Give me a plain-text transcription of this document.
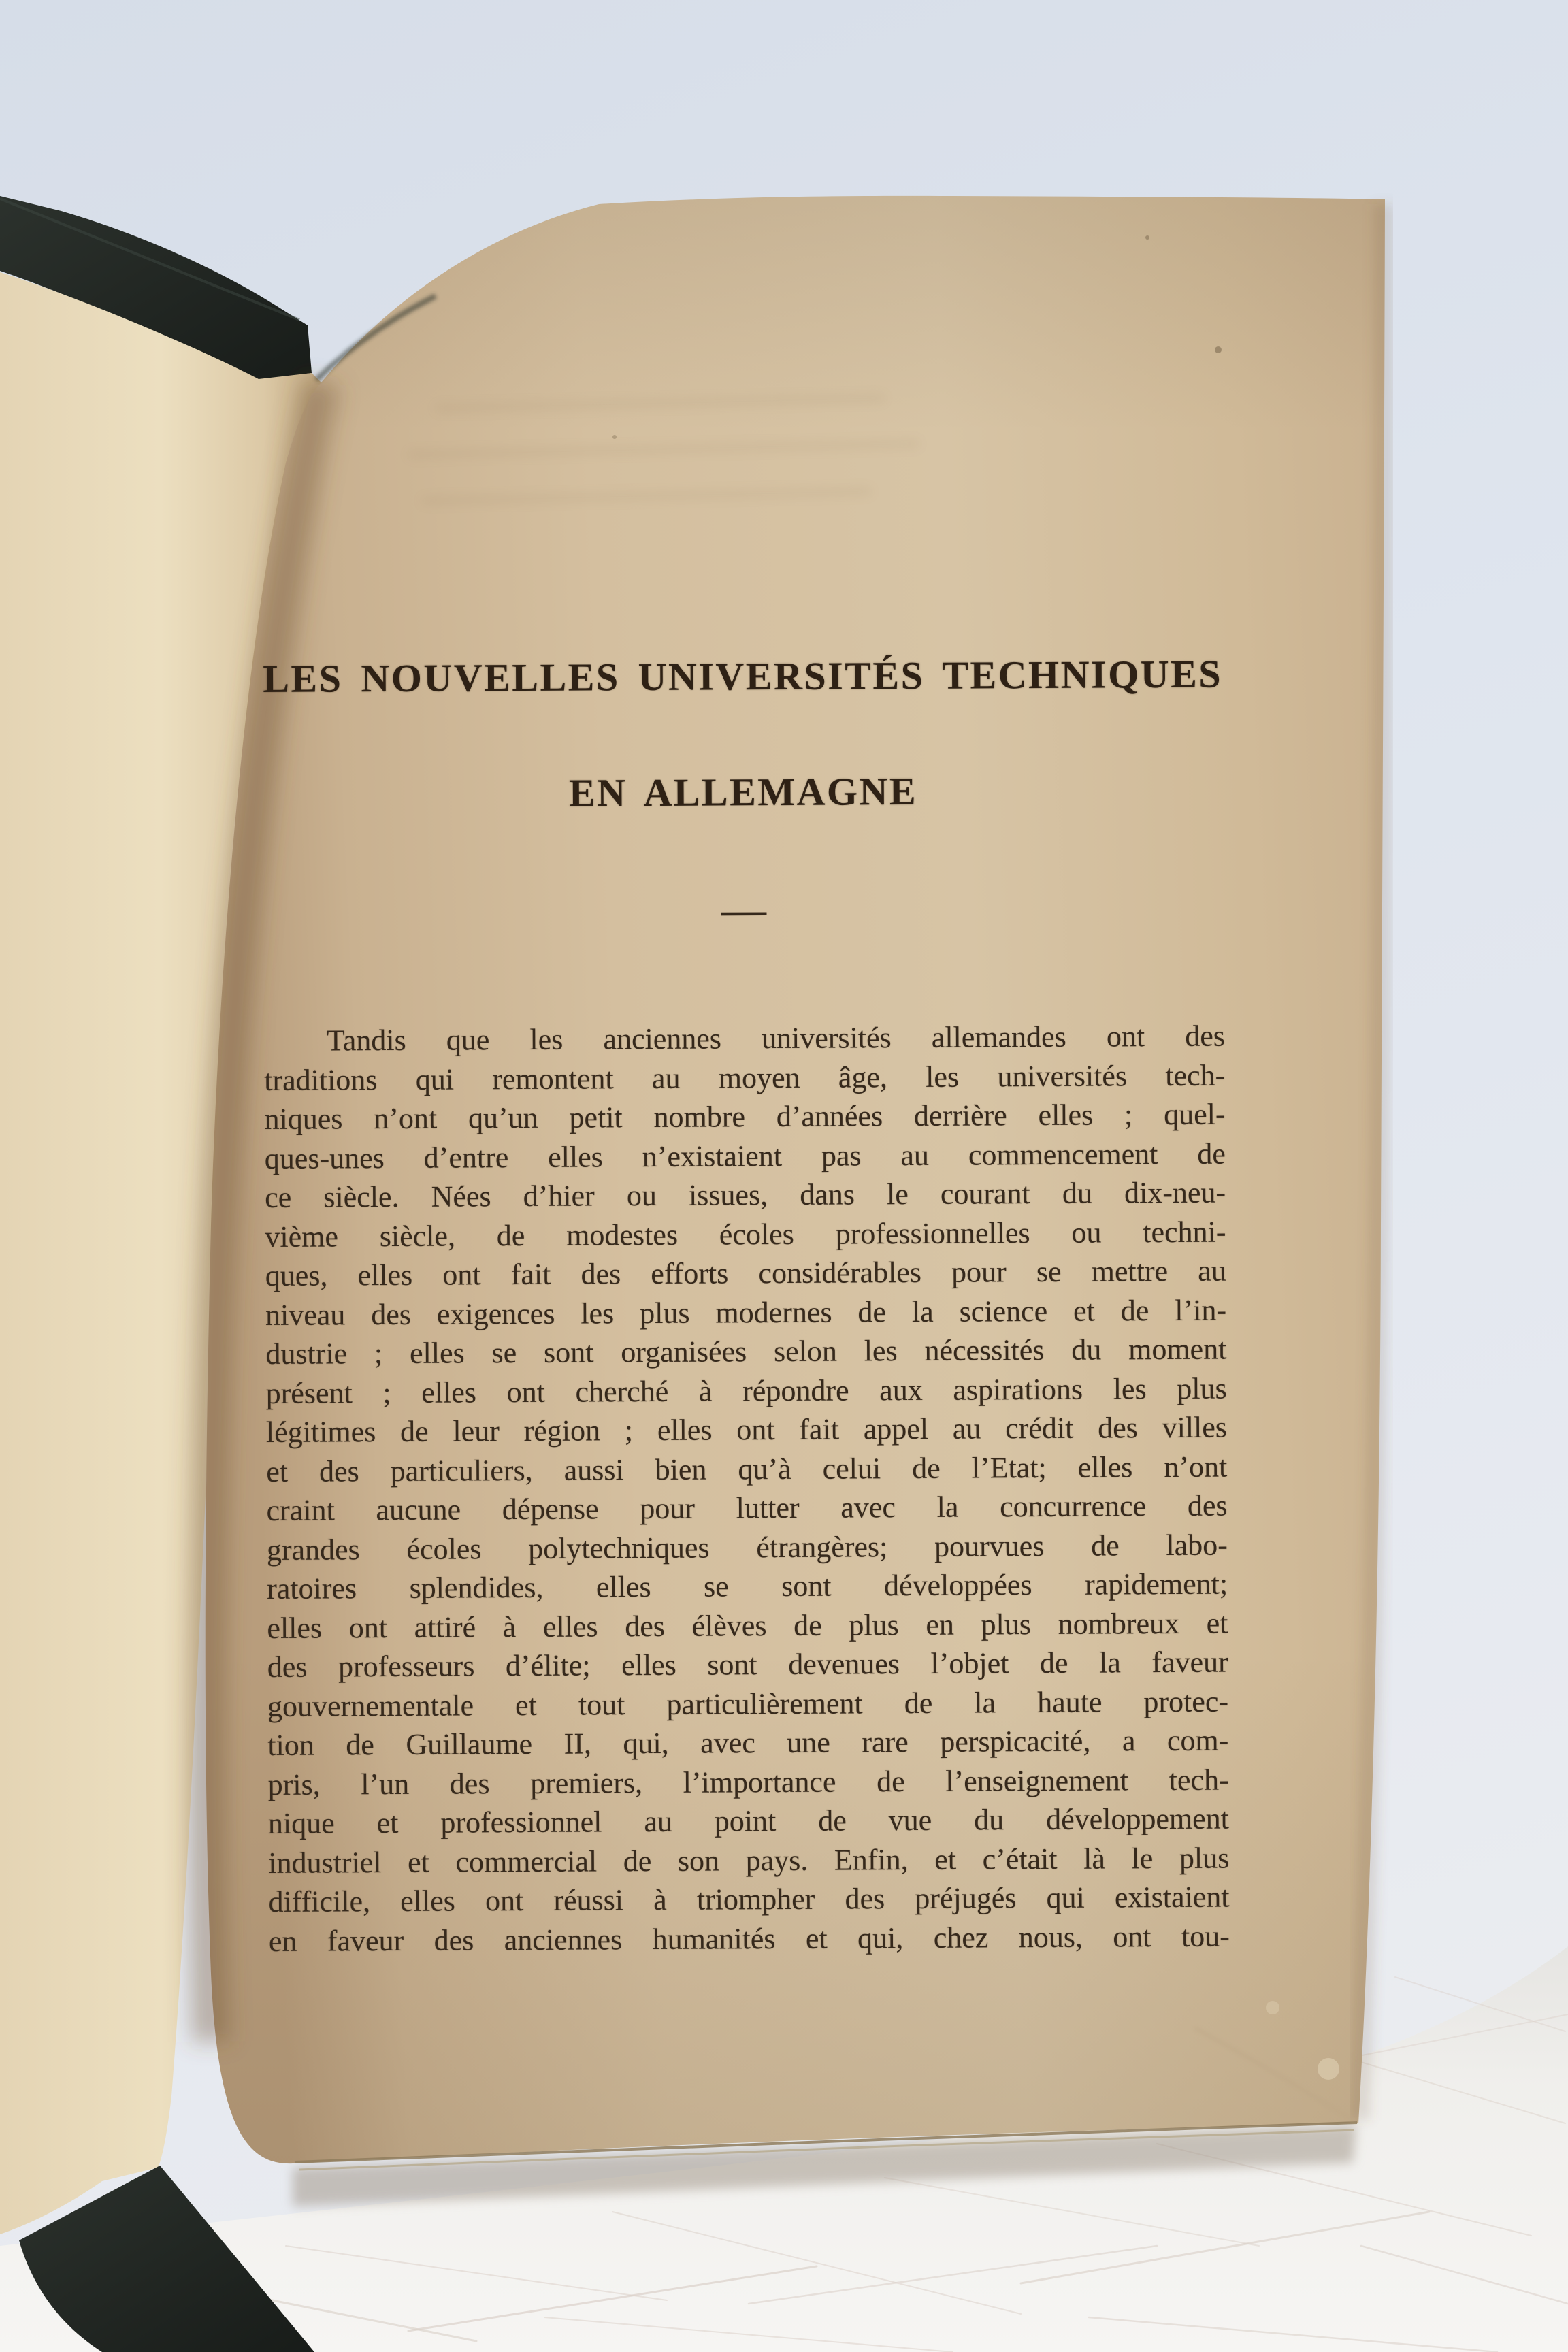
LES NOUVELLES UNIVERSITÉS TECHNIQUES
EN ALLEMAGNE
—
Tandis que les anciennes universités allemandes ont des
traditions qui remontent au moyen âge, les universités tech-
niques n’ont qu’un petit nombre d’années derrière elles ; quel-
ques-unes d’entre elles n’existaient pas au commencement de
ce siècle. Nées d’hier ou issues, dans le courant du dix-neu-
vième siècle, de modestes écoles professionnelles ou techni-
ques, elles ont fait des efforts considérables pour se mettre au
niveau des exigences les plus modernes de la science et de l’in-
dustrie ; elles se sont organisées selon les nécessités du moment
présent ; elles ont cherché à répondre aux aspirations les plus
légitimes de leur région ; elles ont fait appel au crédit des villes
et des particuliers, aussi bien qu’à celui de l’Etat; elles n’ont
craint aucune dépense pour lutter avec la concurrence des
grandes écoles polytechniques étrangères; pourvues de labo-
ratoires splendides, elles se sont développées rapidement;
elles ont attiré à elles des élèves de plus en plus nombreux et
des professeurs d’élite; elles sont devenues l’objet de la faveur
gouvernementale et tout particulièrement de la haute protec-
tion de Guillaume II, qui, avec une rare perspicacité, a com-
pris, l’un des premiers, l’importance de l’enseignement tech-
nique et professionnel au point de vue du développement
industriel et commercial de son pays. Enfin, et c’était là le plus
difficile, elles ont réussi à triompher des préjugés qui existaient
en faveur des anciennes humanités et qui, chez nous, ont tou-
